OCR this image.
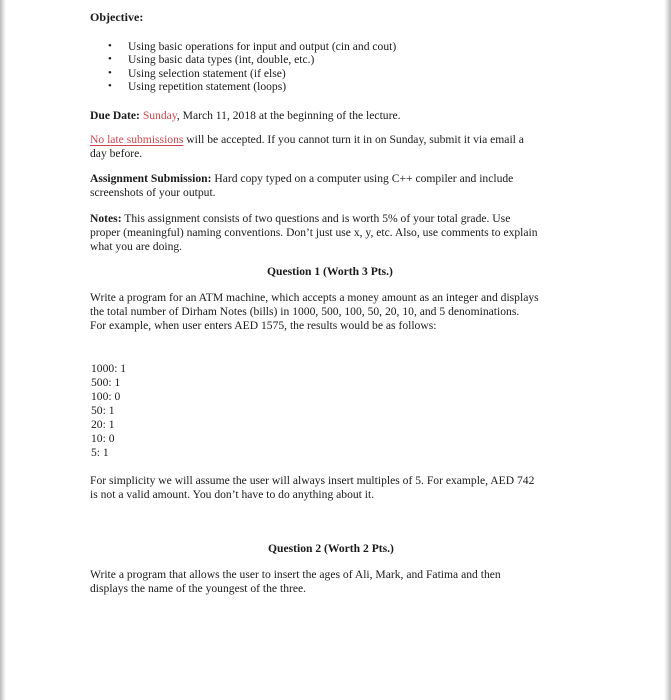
Objective:
• Using basic operations for input and output (cin and cout)
• Using basic data types (int, double, etc.)
• Using selection statement (if else)
• Using repetition statement (loops)
Due Date: Sunday, March 11, 2018 at the beginning of the lecture.
No late submissions will be accepted. If you cannot turn it in on Sunday, submit it via email a
day before.
Assignment Submission: Hard copy typed on a computer using C++ compiler and include
screenshots of your output.
Notes: This assignment consists of two questions and is worth 5% of your total grade. Use
proper (meaningful) naming conventions. Don’t just use x, y, etc. Also, use comments to explain
what you are doing.
Question 1 (Worth 3 Pts.)
Write a program for an ATM machine, which accepts a money amount as an integer and displays
the total number of Dirham Notes (bills) in 1000, 500, 100, 50, 20, 10, and 5 denominations.
For example, when user enters AED 1575, the results would be as follows:
1000: 1
500: 1
100: 0
50: 1
20: 1
10: 0
5: 1
For simplicity we will assume the user will always insert multiples of 5. For example, AED 742
is not a valid amount. You don’t have to do anything about it.
Question 2 (Worth 2 Pts.)
Write a program that allows the user to insert the ages of Ali, Mark, and Fatima and then
displays the name of the youngest of the three.
